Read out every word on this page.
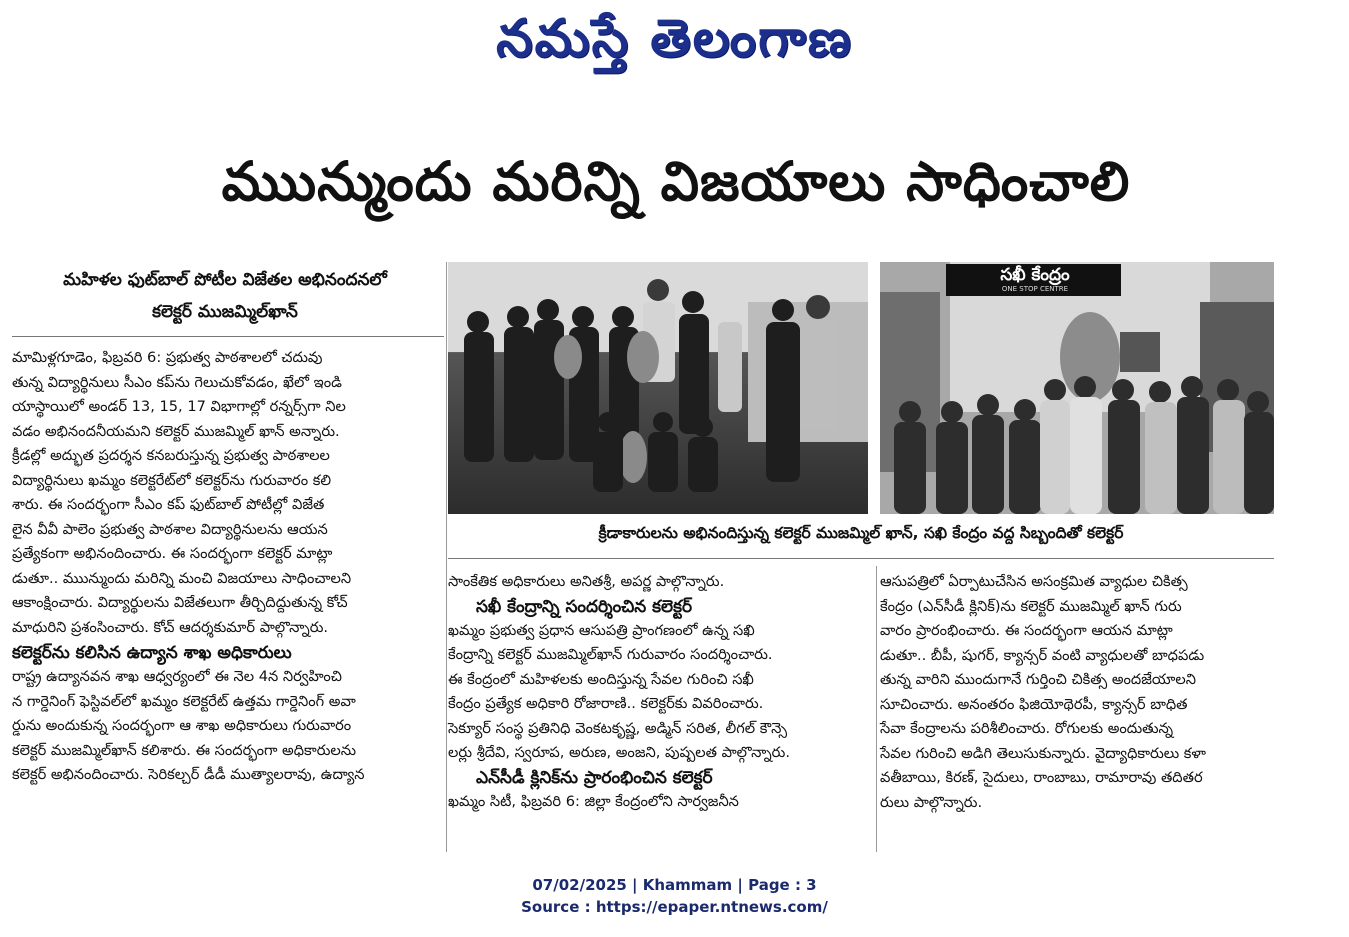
నమస్తే తెలంగాణ
ముున్ముందు మరిన్ని విజయాలు సాధించాలి
మహిళల ఫుట్‌బాల్ పోటీల విజేతల అభినందనలో
కలెక్టర్ ముజమ్మిల్‌ఖాన్

మామిళ్లగూడెం, ఫిబ్రవరి 6: ప్రభుత్వ పాఠశాలలో చదువు
తున్న విద్యార్థినులు సీఎం కప్‌ను గెలుచుకోవడం, ఖేలో ఇండి
యాస్థాయిలో అండర్ 13, 15, 17 విభాగాల్లో రన్నర్స్‌గా నిల
వడం అభినందనీయమని కలెక్టర్ ముజమ్మిల్ ఖాన్ అన్నారు.
క్రీడల్లో అద్భుత ప్రదర్శన కనబరుస్తున్న ప్రభుత్వ పాఠశాలల
విద్యార్థినులు ఖమ్మం కలెక్టరేట్‌లో కలెక్టర్‌ను గురువారం కలి
శారు. ఈ సందర్భంగా సీఎం కప్ ఫుట్‌బాల్ పోటీల్లో విజేత
లైన వీవీ పాలెం ప్రభుత్వ పాఠశాల విద్యార్థినులను ఆయన
ప్రత్యేకంగా అభినందించారు. ఈ సందర్భంగా కలెక్టర్ మాట్లా
డుతూ.. ముున్ముందు మరిన్ని మంచి విజయాలు సాధించాలని
ఆకాంక్షించారు. విద్యార్థులను విజేతలుగా తీర్చిదిద్దుతున్న కోచ్
మాధురిని ప్రశంసించారు. కోచ్ ఆదర్శకుమార్ పాల్గొన్నారు.

కలెక్టర్‌ను కలిసిన ఉద్యాన శాఖ అధికారులు

రాష్ట్ర ఉద్యానవన శాఖ ఆధ్వర్యంలో ఈ నెల 4న నిర్వహించి
న గార్డెనింగ్ ఫెస్టివల్‌లో ఖమ్మం కలెక్టరేట్ ఉత్తమ గార్డెనింగ్ అవా
ర్డును అందుకున్న సందర్భంగా ఆ శాఖ అధికారులు గురువారం
కలెక్టర్ ముజమ్మిల్‌ఖాన్ కలిశారు. ఈ సందర్భంగా అధికారులను
కలెక్టర్ అభినందించారు. సెరికల్చర్ డీడీ ముత్యాలరావు, ఉద్యాన

సఖీ కేంద్రం
ONE STOP CENTRE
క్రీడాకారులను అభినందిస్తున్న కలెక్టర్ ముజమ్మిల్ ఖాన్, సఖి కేంద్రం వద్ద సిబ్బందితో కలెక్టర్

సాంకేతిక అధికారులు అనితశ్రీ, అపర్ణ పాల్గొన్నారు.

సఖీ కేంద్రాన్ని సందర్శించిన కలెక్టర్

ఖమ్మం ప్రభుత్వ ప్రధాన ఆసుపత్రి ప్రాంగణంలో ఉన్న సఖి
కేంద్రాన్ని కలెక్టర్ ముజమ్మిల్‌ఖాన్ గురువారం సందర్శించారు.
ఈ కేంద్రంలో మహిళలకు అందిస్తున్న సేవల గురించి సఖీ
కేంద్రం ప్రత్యేక అధికారి రోజారాణి.. కలెక్టర్‌కు వివరించారు.
సెక్యూర్ సంస్థ ప్రతినిధి వెంకటకృష్ణ, అడ్మిన్ సరిత, లీగల్ కౌన్సె
లర్లు శ్రీదేవి, స్వరూప, అరుణ, అంజని, పుష్పలత పాల్గొన్నారు.

ఎన్‌సీడీ క్లినిక్‌ను ప్రారంభించిన కలెక్టర్

ఖమ్మం సిటీ, ఫిబ్రవరి 6: జిల్లా కేంద్రంలోని సార్వజనీన

ఆసుపత్రిలో ఏర్పాటుచేసిన అసంక్రమిత వ్యాధుల చికిత్స
కేంద్రం (ఎన్‌సీడీ క్లినిక్)ను కలెక్టర్ ముజమ్మిల్ ఖాన్ గురు
వారం ప్రారంభించారు. ఈ సందర్భంగా ఆయన మాట్లా
డుతూ.. బీపీ, షుగర్, క్యాన్సర్ వంటి వ్యాధులతో బాధపడు
తున్న వారిని ముందుగానే గుర్తించి చికిత్స అందజేయాలని
సూచించారు. అనంతరం ఫిజియోథెరపీ, క్యాన్సర్ బాధిత
సేవా కేంద్రాలను పరిశీలించారు. రోగులకు అందుతున్న
సేవల గురించి అడిగి తెలుసుకున్నారు. వైద్యాధికారులు కళా
వతీబాయి, కిరణ్, సైదులు, రాంబాబు, రామారావు తదితర
రులు పాల్గొన్నారు.

07/02/2025 | Khammam | Page : 3
Source : https://epaper.ntnews.com/
